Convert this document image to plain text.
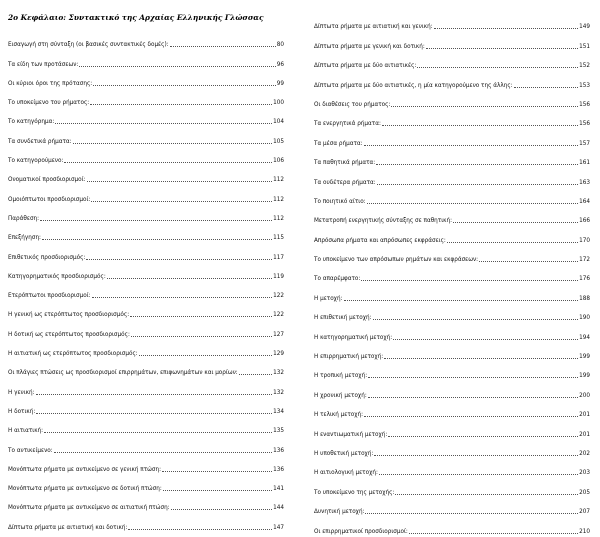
2ο Κεφάλαιο: Συντακτικό της Αρχαίας Ελληνικής Γλώσσας
Εισαγωγή στη σύνταξη (οι βασικές συντακτικές δομές):	80
Τα είδη των προτάσεων:	96
Οι κύριοι όροι της πρότασης:	99
Το υποκείμενο του ρήματος:	100
Το κατηγόρημα:	104
Τα συνδετικά ρήματα:	105
Το κατηγορούμενο:	106
Ονοματικοί προσδιορισμοί:	112
Ομοιόπτωτοι προσδιορισμοί:	112
Παράθεση:	112
Επεξήγηση:	115
Επιθετικός προσδιορισμός:	117
Κατηγορηματικός προσδιορισμός:	119
Ετερόπτωτοι προσδιορισμοί:	122
Η γενική ως ετερόπτωτος προσδιορισμός:	122
Η δοτική ως ετερόπτωτος προσδιορισμός:	127
Η αιτιατική ως ετερόπτωτος προσδιορισμός:	129
Οι πλάγιες πτώσεις ως προσδιορισμοί επιρρημάτων, επιφωνημάτων και μορίων:	132
Η γενική:	132
Η δοτική:	134
Η αιτιατική:	135
Το αντικείμενο:	136
Μονόπτωτα ρήματα με αντικείμενο σε γενική πτώση:	136
Μονόπτωτα ρήματα με αντικείμενο σε δοτική πτώση:	141
Μονόπτωτα ρήματα με αντικείμενο σε αιτιατική πτώση:	144
Δίπτωτα ρήματα με αιτιατική και δοτική:	147
Δίπτωτα ρήματα με αιτιατική και γενική:	149
Δίπτωτα ρήματα με γενική και δοτική:	151
Δίπτωτα ρήματα με δύο αιτιατικές:	152
Δίπτωτα ρήματα με δύο αιτιατικές, η μία κατηγορούμενο της άλλης:	153
Οι διαθέσεις του ρήματος:	156
Τα ενεργητικά ρήματα:	156
Τα μέσα ρήματα:	157
Τα παθητικά ρήματα:	161
Τα ουδέτερα ρήματα:	163
Το ποιητικό αίτιο:	164
Μετατροπή ενεργητικής σύνταξης σε παθητική:	166
Απρόσωπα ρήματα και απρόσωπες εκφράσεις:	170
Το υποκείμενο των απρόσωπων ρημάτων και εκφράσεων:	172
Το απαρέμφατο:	176
Η μετοχή:	188
Η επιθετική μετοχή:	190
Η κατηγορηματική μετοχή:	194
Η επιρρηματική μετοχή:	199
Η τροπική μετοχή:	199
Η χρονική μετοχή:	200
Η τελική μετοχή:	201
Η εναντιωματική μετοχή:	201
Η υποθετική μετοχή:	202
Η αιτιολογική μετοχή:	203
Το υποκείμενο της μετοχής:	205
Δυνητική μετοχή:	207
Οι επιρρηματικοί προσδιορισμοί:	210
